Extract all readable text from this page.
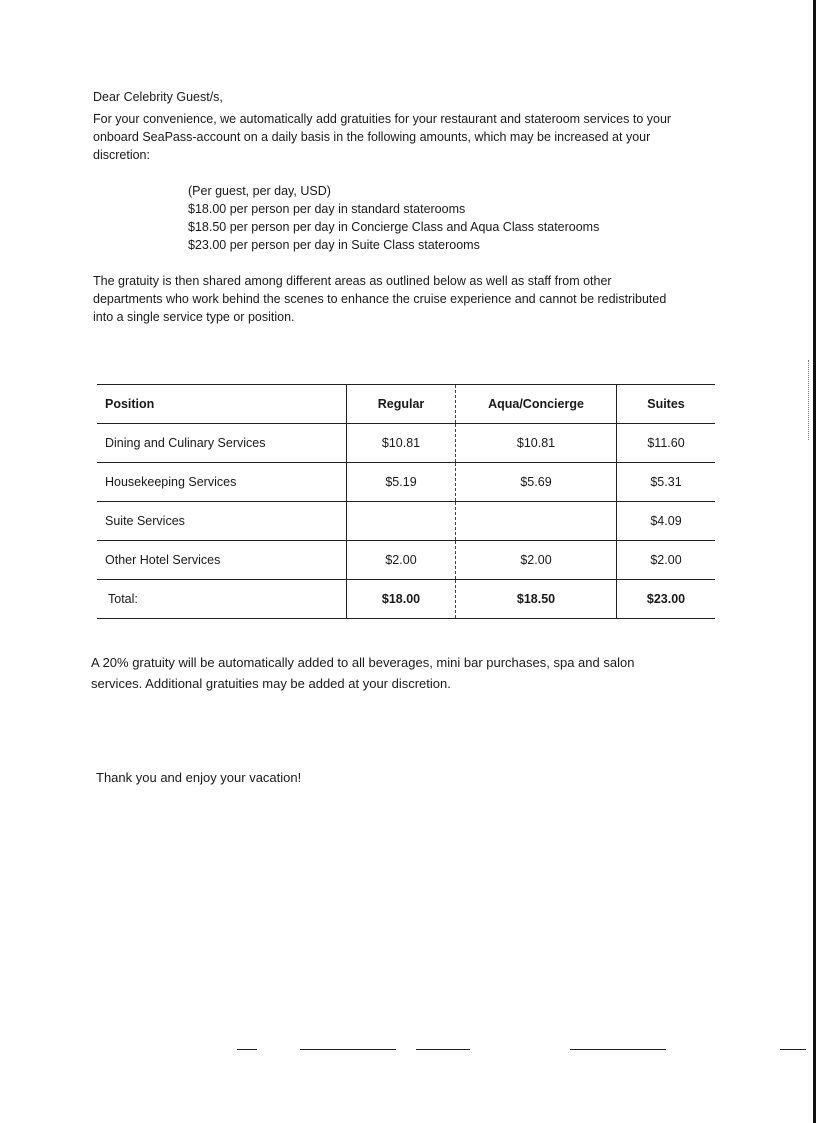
Dear Celebrity Guest/s,
For your convenience, we automatically add gratuities for your restaurant and stateroom services to your
onboard SeaPass-account on a daily basis in the following amounts, which may be increased at your
discretion:
(Per guest, per day, USD)
$18.00 per person per day in standard staterooms
$18.50 per person per day in Concierge Class and Aqua Class staterooms
$23.00 per person per day in Suite Class staterooms
The gratuity is then shared among different areas as outlined below as well as staff from other
departments who work behind the scenes to enhance the cruise experience and cannot be redistributed
into a single service type or position.
Position	Regular	Aqua/Concierge	Suites
Dining and Culinary Services	$10.81	$10.81	$11.60
Housekeeping Services	$5.19	$5.69	$5.31
Suite Services			$4.09
Other Hotel Services	$2.00	$2.00	$2.00
Total:	$18.00	$18.50	$23.00
A 20% gratuity will be automatically added to all beverages, mini bar purchases, spa and salon
services. Additional gratuities may be added at your discretion.
Thank you and enjoy your vacation!
